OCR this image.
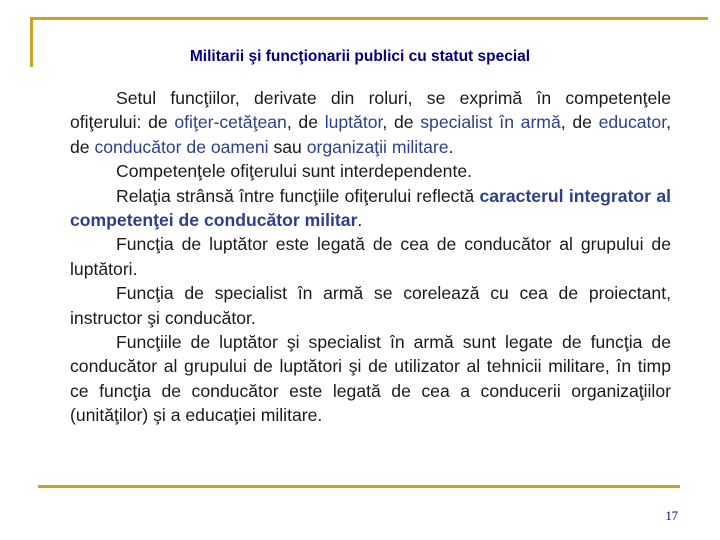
Militarii şi funcţionarii publici cu statut special

Setul funcţiilor, derivate din roluri, se exprimă în competenţele ofiţerului: de ofiţer-cetăţean, de luptător, de specialist în armă, de educator, de conducător de oameni sau organizaţii militare.

Competenţele ofiţerului sunt interdependente.

Relaţia strânsă între funcţiile ofiţerului reflectă caracterul integrator al competenţei de conducător militar.

Funcţia de luptător este legată de cea de conducător al grupului de luptători.

Funcţia de specialist în armă se corelează cu cea de proiectant, instructor şi conducător.

Funcţiile de luptător şi specialist în armă sunt legate de funcţia de conducător al grupului de luptători şi de utilizator al tehnicii militare, în timp ce funcţia de conducător este legată de cea a conducerii organizaţiilor (unităţilor) şi a educaţiei militare.

17
